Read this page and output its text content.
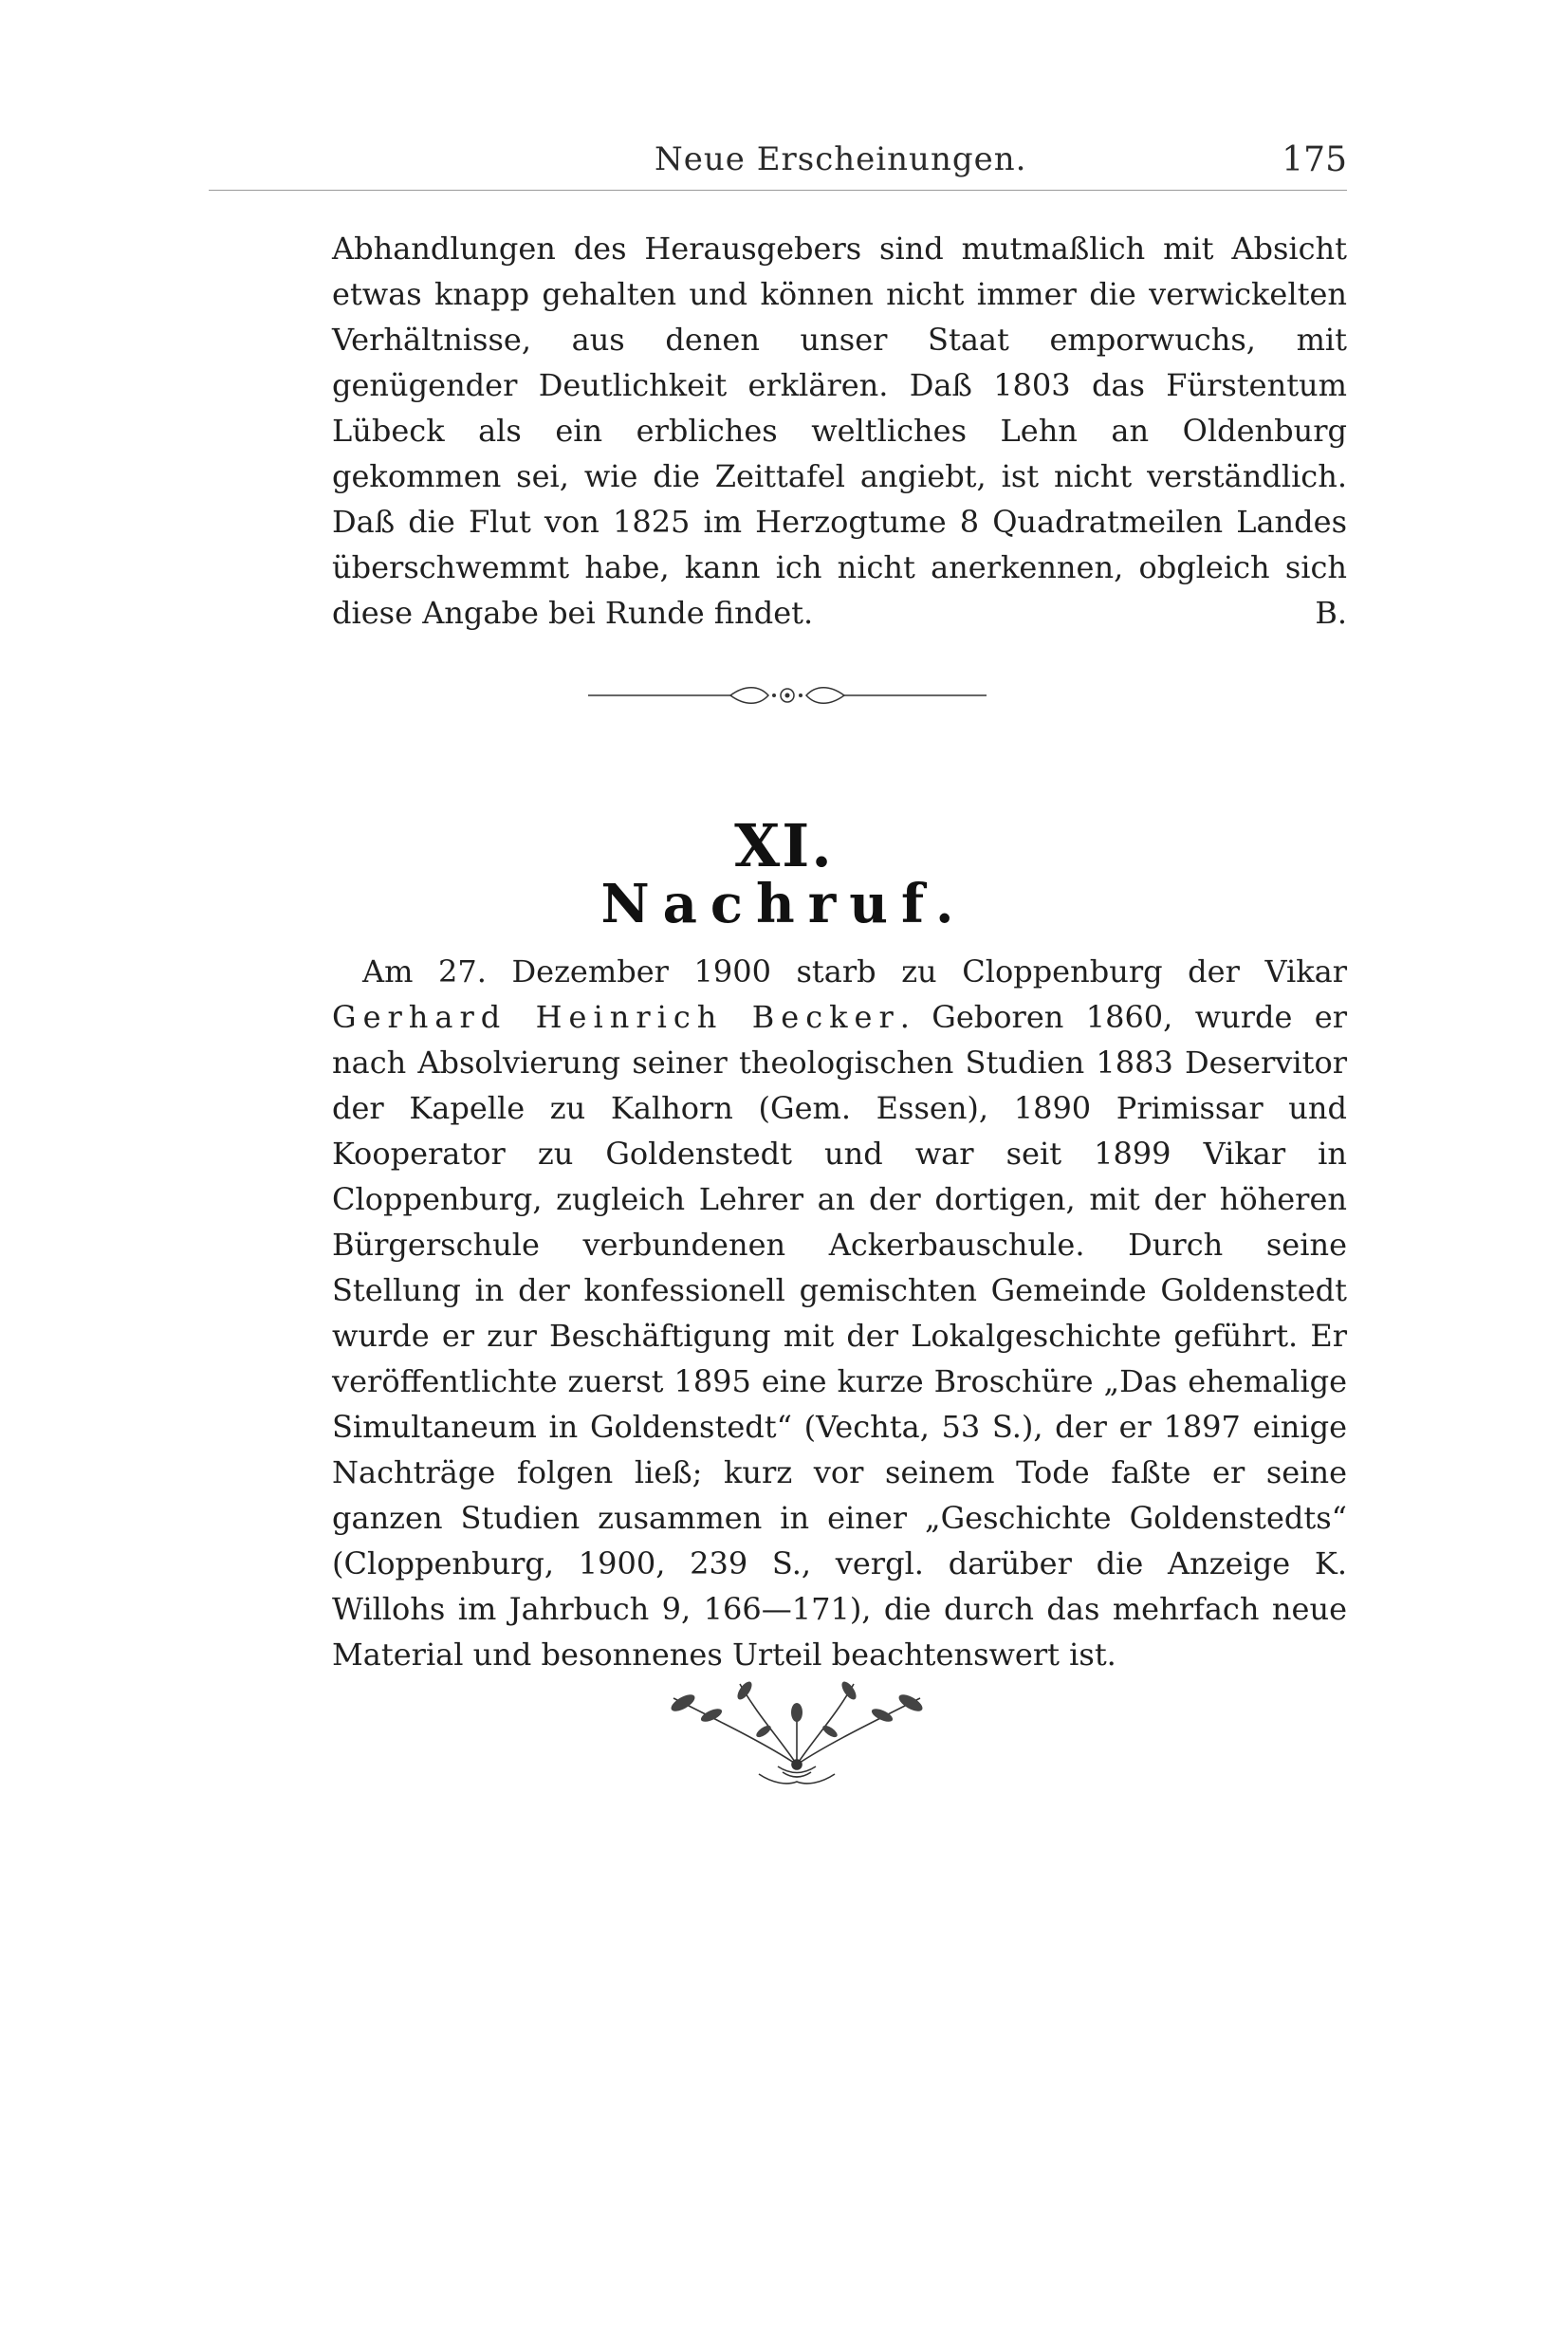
Neue Erscheinungen.	175
Abhandlungen des Herausgebers sind mutmaßlich mit Absicht etwas knapp gehalten und können nicht immer die verwickelten Verhältnisse, aus denen unser Staat emporwuchs, mit genügender Deutlichkeit erklären. Daß 1803 das Fürstentum Lübeck als ein erbliches weltliches Lehn an Oldenburg gekommen sei, wie die Zeittafel angiebt, ist nicht verständlich. Daß die Flut von 1825 im Herzogtume 8 Quadratmeilen Landes überschwemmt habe, kann ich nicht anerkennen, obgleich sich diese Angabe bei Runde findet.	B.
XI.
Nachruf.
Am 27. Dezember 1900 starb zu Cloppenburg der Vikar Gerhard Heinrich Becker. Geboren 1860, wurde er nach Absolvierung seiner theologischen Studien 1883 Deservitor der Kapelle zu Kalhorn (Gem. Essen), 1890 Primissar und Kooperator zu Goldenstedt und war seit 1899 Vikar in Cloppenburg, zugleich Lehrer an der dortigen, mit der höheren Bürgerschule verbundenen Ackerbauschule. Durch seine Stellung in der konfessionell gemischten Gemeinde Goldenstedt wurde er zur Beschäftigung mit der Lokalgeschichte geführt. Er veröffentlichte zuerst 1895 eine kurze Broschüre „Das ehemalige Simultaneum in Goldenstedt“ (Vechta, 53 S.), der er 1897 einige Nachträge folgen ließ; kurz vor seinem Tode faßte er seine ganzen Studien zusammen in einer „Geschichte Goldenstedts“ (Cloppenburg, 1900, 239 S., vergl. darüber die Anzeige K. Willohs im Jahrbuch 9, 166—171), die durch das mehrfach neue Material und besonnenes Urteil beachtenswert ist.
